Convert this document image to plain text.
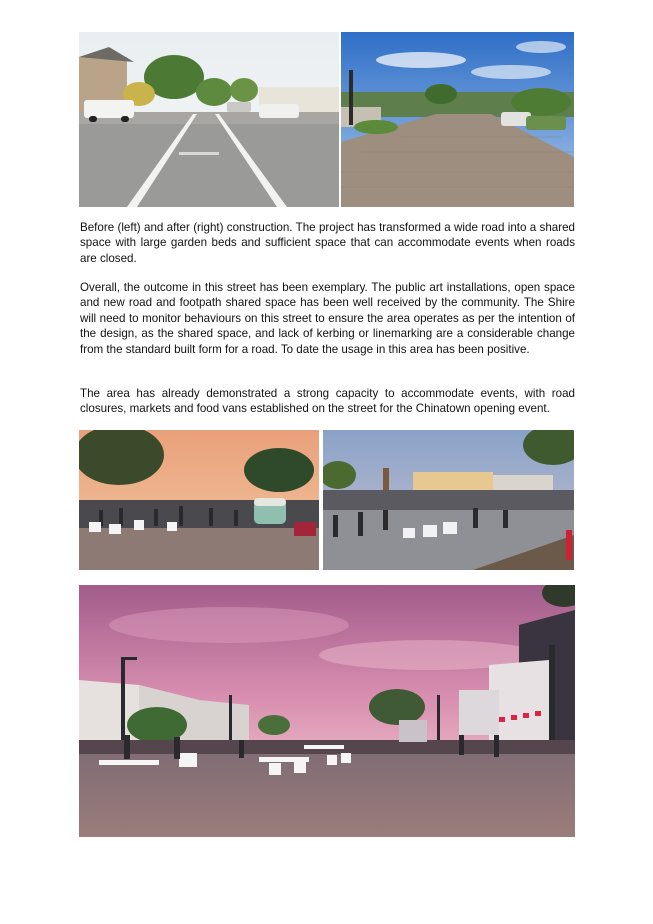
Before (left) and after (right) construction. The project has transformed a wide road into a shared space with large garden beds and sufficient space that can accommodate events when roads are closed.

Overall, the outcome in this street has been exemplary. The public art installations, open space and new road and footpath shared space has been well received by the community. The Shire will need to monitor behaviours on this street to ensure the area operates as per the intention of the design, as the shared space, and lack of kerbing or linemarking are a considerable change from the standard built form for a road. To date the usage in this area has been positive.

The area has already demonstrated a strong capacity to accommodate events, with road closures, markets and food vans established on the street for the Chinatown opening event.
